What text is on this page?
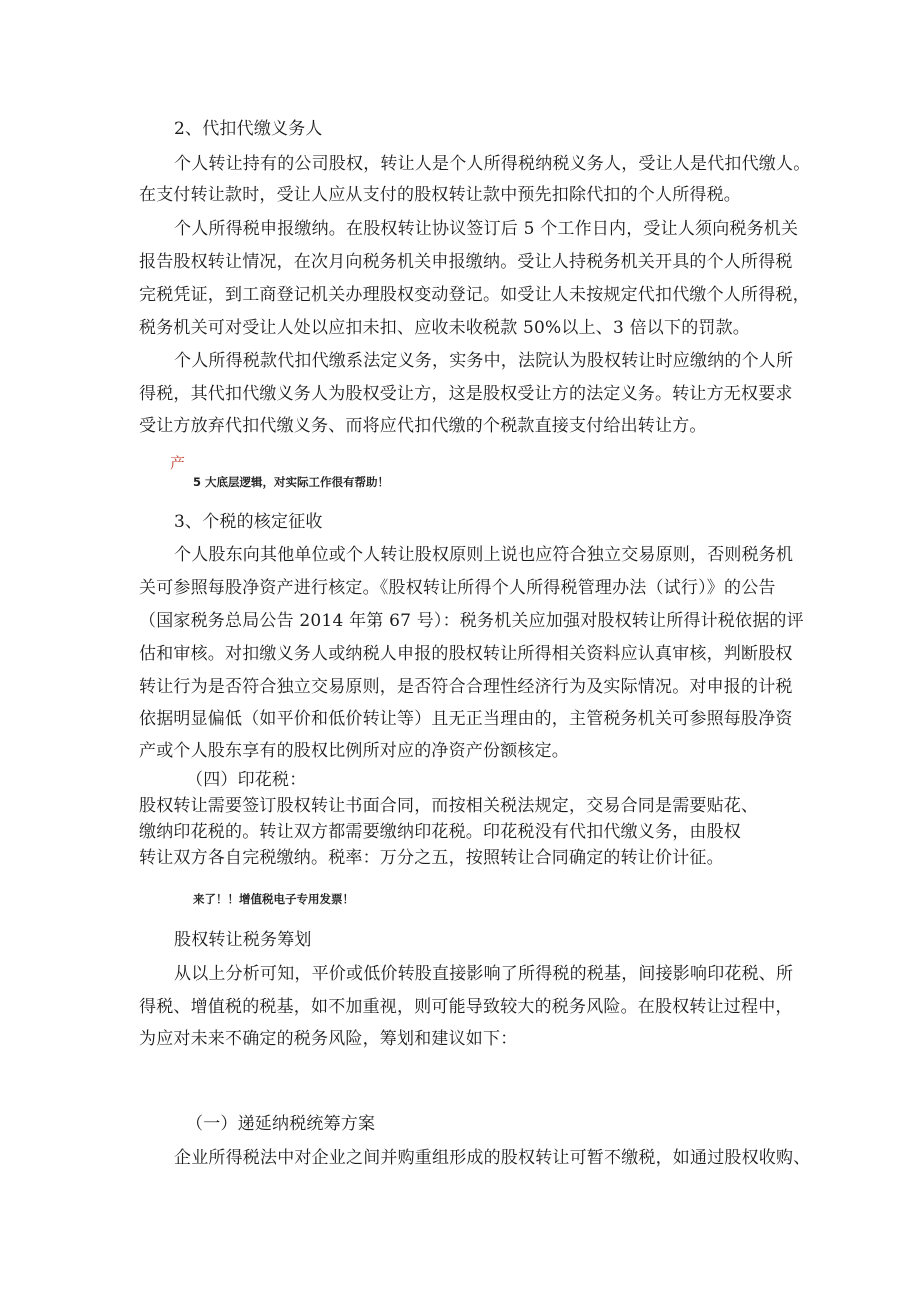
2、代扣代缴义务人
个人转让持有的公司股权，转让人是个人所得税纳税义务人，受让人是代扣代缴人。
在支付转让款时，受让人应从支付的股权转让款中预先扣除代扣的个人所得税。
个人所得税申报缴纳。在股权转让协议签订后 5 个工作日内，受让人须向税务机关
报告股权转让情况，在次月向税务机关申报缴纳。受让人持税务机关开具的个人所得税
完税凭证，到工商登记机关办理股权变动登记。如受让人未按规定代扣代缴个人所得税，
税务机关可对受让人处以应扣未扣、应收未收税款 50%以上、3 倍以下的罚款。
个人所得税款代扣代缴系法定义务，实务中，法院认为股权转让时应缴纳的个人所
得税，其代扣代缴义务人为股权受让方，这是股权受让方的法定义务。转让方无权要求
受让方放弃代扣代缴义务、而将应代扣代缴的个税款直接支付给出转让方。
产
5 大底层逻辑，对实际工作很有帮助！
3、个税的核定征收
个人股东向其他单位或个人转让股权原则上说也应符合独立交易原则，否则税务机
关可参照每股净资产进行核定。《股权转让所得个人所得税管理办法（试行）》的公告
（国家税务总局公告 2014 年第 67 号）：税务机关应加强对股权转让所得计税依据的评
估和审核。对扣缴义务人或纳税人申报的股权转让所得相关资料应认真审核，判断股权
转让行为是否符合独立交易原则，是否符合合理性经济行为及实际情况。对申报的计税
依据明显偏低（如平价和低价转让等）且无正当理由的，主管税务机关可参照每股净资
产或个人股东享有的股权比例所对应的净资产份额核定。
（四）印花税：
股权转让需要签订股权转让书面合同，而按相关税法规定，交易合同是需要贴花、
缴纳印花税的。转让双方都需要缴纳印花税。印花税没有代扣代缴义务，由股权
转让双方各自完税缴纳。税率：万分之五，按照转让合同确定的转让价计征。
来了！！增值税电子专用发票！
股权转让税务筹划
从以上分析可知，平价或低价转股直接影响了所得税的税基，间接影响印花税、所
得税、增值税的税基，如不加重视，则可能导致较大的税务风险。在股权转让过程中，
为应对未来不确定的税务风险，筹划和建议如下：
（一）递延纳税统筹方案
企业所得税法中对企业之间并购重组形成的股权转让可暂不缴税，如通过股权收购、
